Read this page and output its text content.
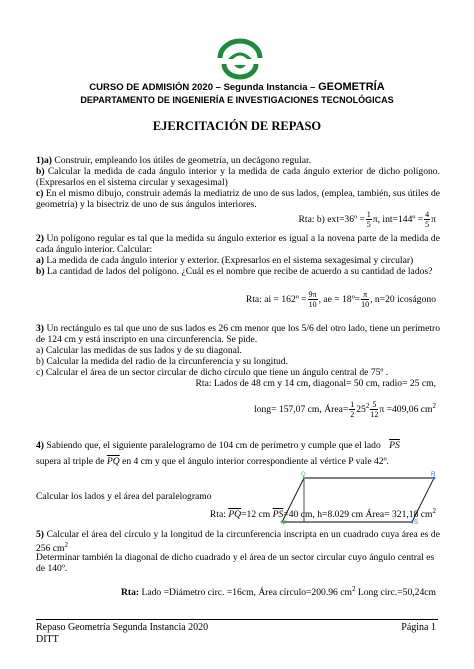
CURSO DE ADMISIÓN 2020 – Segunda Instancia – GEOMETRÍA
DEPARTAMENTO DE INGENIERÍA E INVESTIGACIONES TECNOLÓGICAS
EJERCITACIÓN DE REPASO
1)a) Construir, empleando los útiles de geometría, un decágono regular.
b) Calcular la medida de cada ángulo interior y la medida de cada ángulo exterior de dicho polígono. (Expresarlos en el sistema circular y sexagesimal)
c) En el mismo dibujo, construir además la mediatriz de uno de sus lados, (emplea, también, sus útiles de geometría) y la bisectriz de uno de sus ángulos interiores.
Rta: b) ext=36º = $\frac{1}{5} \pi$, int=144º = $\frac{4}{5}$ π
2) Un polígono regular es tal que la medida su ángulo exterior es igual a la novena parte de la medida de cada ángulo interior. Calcular:
a) La medida de cada ángulo interior y exterior. (Expresarlos en el sistema sexagesimal y circular)
b) La cantidad de lados del polígono. ¿Cuál es el nombre que recibe de acuerdo a su cantidad de lados?
Rta: ai = 162º = $\frac{9\pi}{10}$ , ae = 18º= $\frac{\pi}{10}$ , n=20 icoságono
3) Un rectángulo es tal que uno de sus lados es 26 cm menor que los 5/6 del otro lado, tiene un perímetro de 124 cm y está inscripto en una circunferencia. Se pide.
a) Calcular las medidas de sus lados y de su diagonal.
b) Calcular la medida del radio de la circunferencia y su longitud.
c) Calcular el área de un sector circular de dicho círculo que tiene un ángulo central de 75º .
Rta: Lados de 48 cm y 14 cm, diagonal= 50 cm, radio= 25 cm,
long= 157,07 cm, Área= $\frac{1}{2} 25^2 \frac{5}{12}$ π =409,06 $cm^2$
4) Sabiendo que, el siguiente paralelogramo de 104 cm de perímetro y cumple que el lado $\overline{PS}$
supera al triple de $\overline{PQ}$ en 4 cm y que el ángulo interior correspondiente al vértice P vale 42º.
Q	R
P	S
Calcular los lados y el área del paralelogramo
Rta: $\overline{PQ}=12$ cm $\overline{PS}=40$ cm, h=8.029 cm Área= 321,18 $cm^2$
5) Calcular el área del círculo y la longitud de la circunferencia inscripta en un cuadrado cuya área es de 256 $cm^2$
Determinar también la diagonal de dicho cuadrado y el área de un sector circular cuyo ángulo central es de 140º.
Rta: Lado =Diámetro circ. =16cm, Área círculo=200.96 $cm^2$ Long circ.=50,24cm
Repaso Geometría Segunda Instancia 2020	Página 1
DITT
